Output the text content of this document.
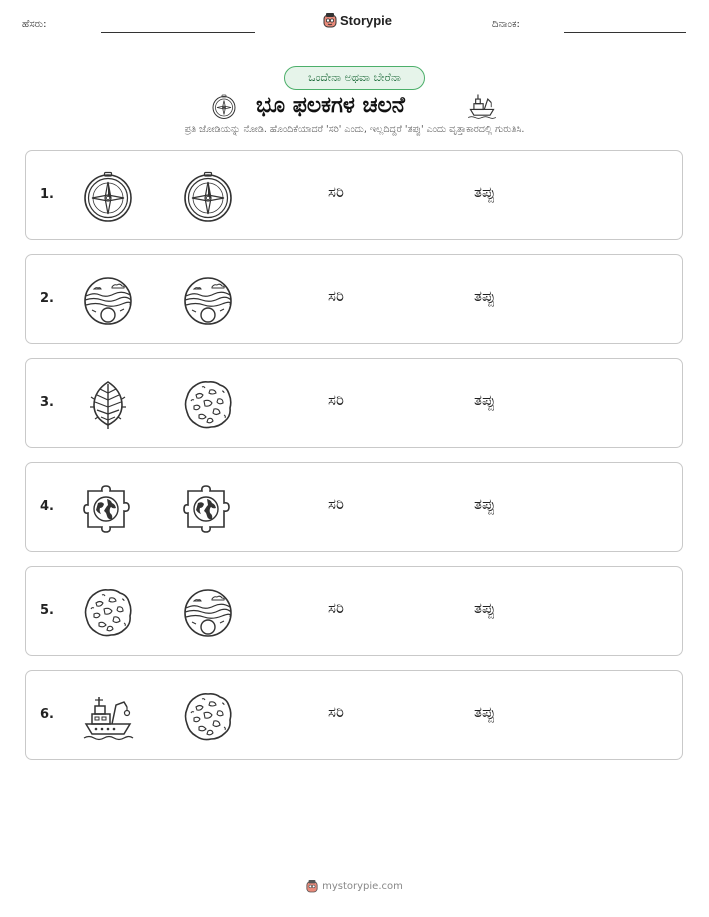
ಹೆಸರು:	Storypie	ದಿನಾಂಕ:
ಒಂದೇನಾ ಅಥವಾ ಬೇರೆನಾ
ಭೂ ಫಲಕಗಳ ಚಲನೆ
ಪ್ರತಿ ಜೋಡಿಯನ್ನು ನೋಡಿ. ಹೊಂದಿಕೆಯಾದರೆ 'ಸರಿ' ಎಂದು, ಇಲ್ಲದಿದ್ದರೆ 'ತಪ್ಪು' ಎಂದು ವೃತ್ತಾಕಾರದಲ್ಲಿ ಗುರುತಿಸಿ.
1.	ಸರಿ	ತಪ್ಪು
2.	ಸರಿ	ತಪ್ಪು
3.	ಸರಿ	ತಪ್ಪು
4.	ಸರಿ	ತಪ್ಪು
5.	ಸರಿ	ತಪ್ಪು
6.	ಸರಿ	ತಪ್ಪು
mystorypie.com
